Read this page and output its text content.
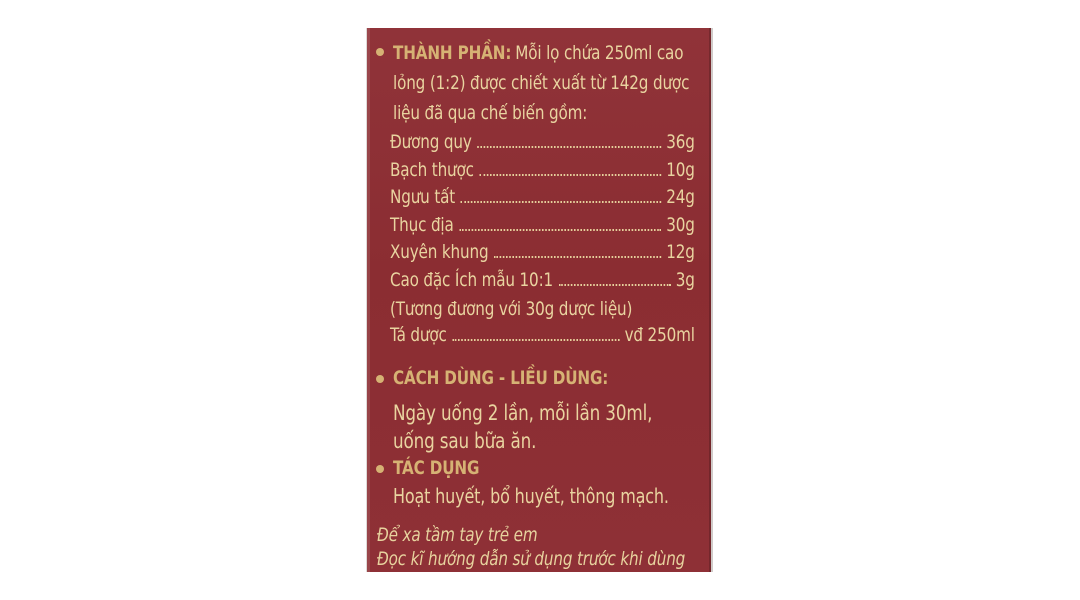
THÀNH PHẦN: Mỗi lọ chứa 250ml cao
lỏng (1:2) được chiết xuất từ 142g dược
liệu đã qua chế biến gồm:
Đương quy	36g
Bạch thược	10g
Ngưu tất	24g
Thục địa	30g
Xuyên khung	12g
Cao đặc Ích mẫu 10:1	3g
(Tương đương với 30g dược liệu)
Tá dược	vđ 250ml
CÁCH DÙNG - LIỀU DÙNG:
Ngày uống 2 lần, mỗi lần 30ml,
uống sau bữa ăn.
TÁC DỤNG
Hoạt huyết, bổ huyết, thông mạch.
Để xa tầm tay trẻ em
Đọc kĩ hướng dẫn sử dụng trước khi dùng
